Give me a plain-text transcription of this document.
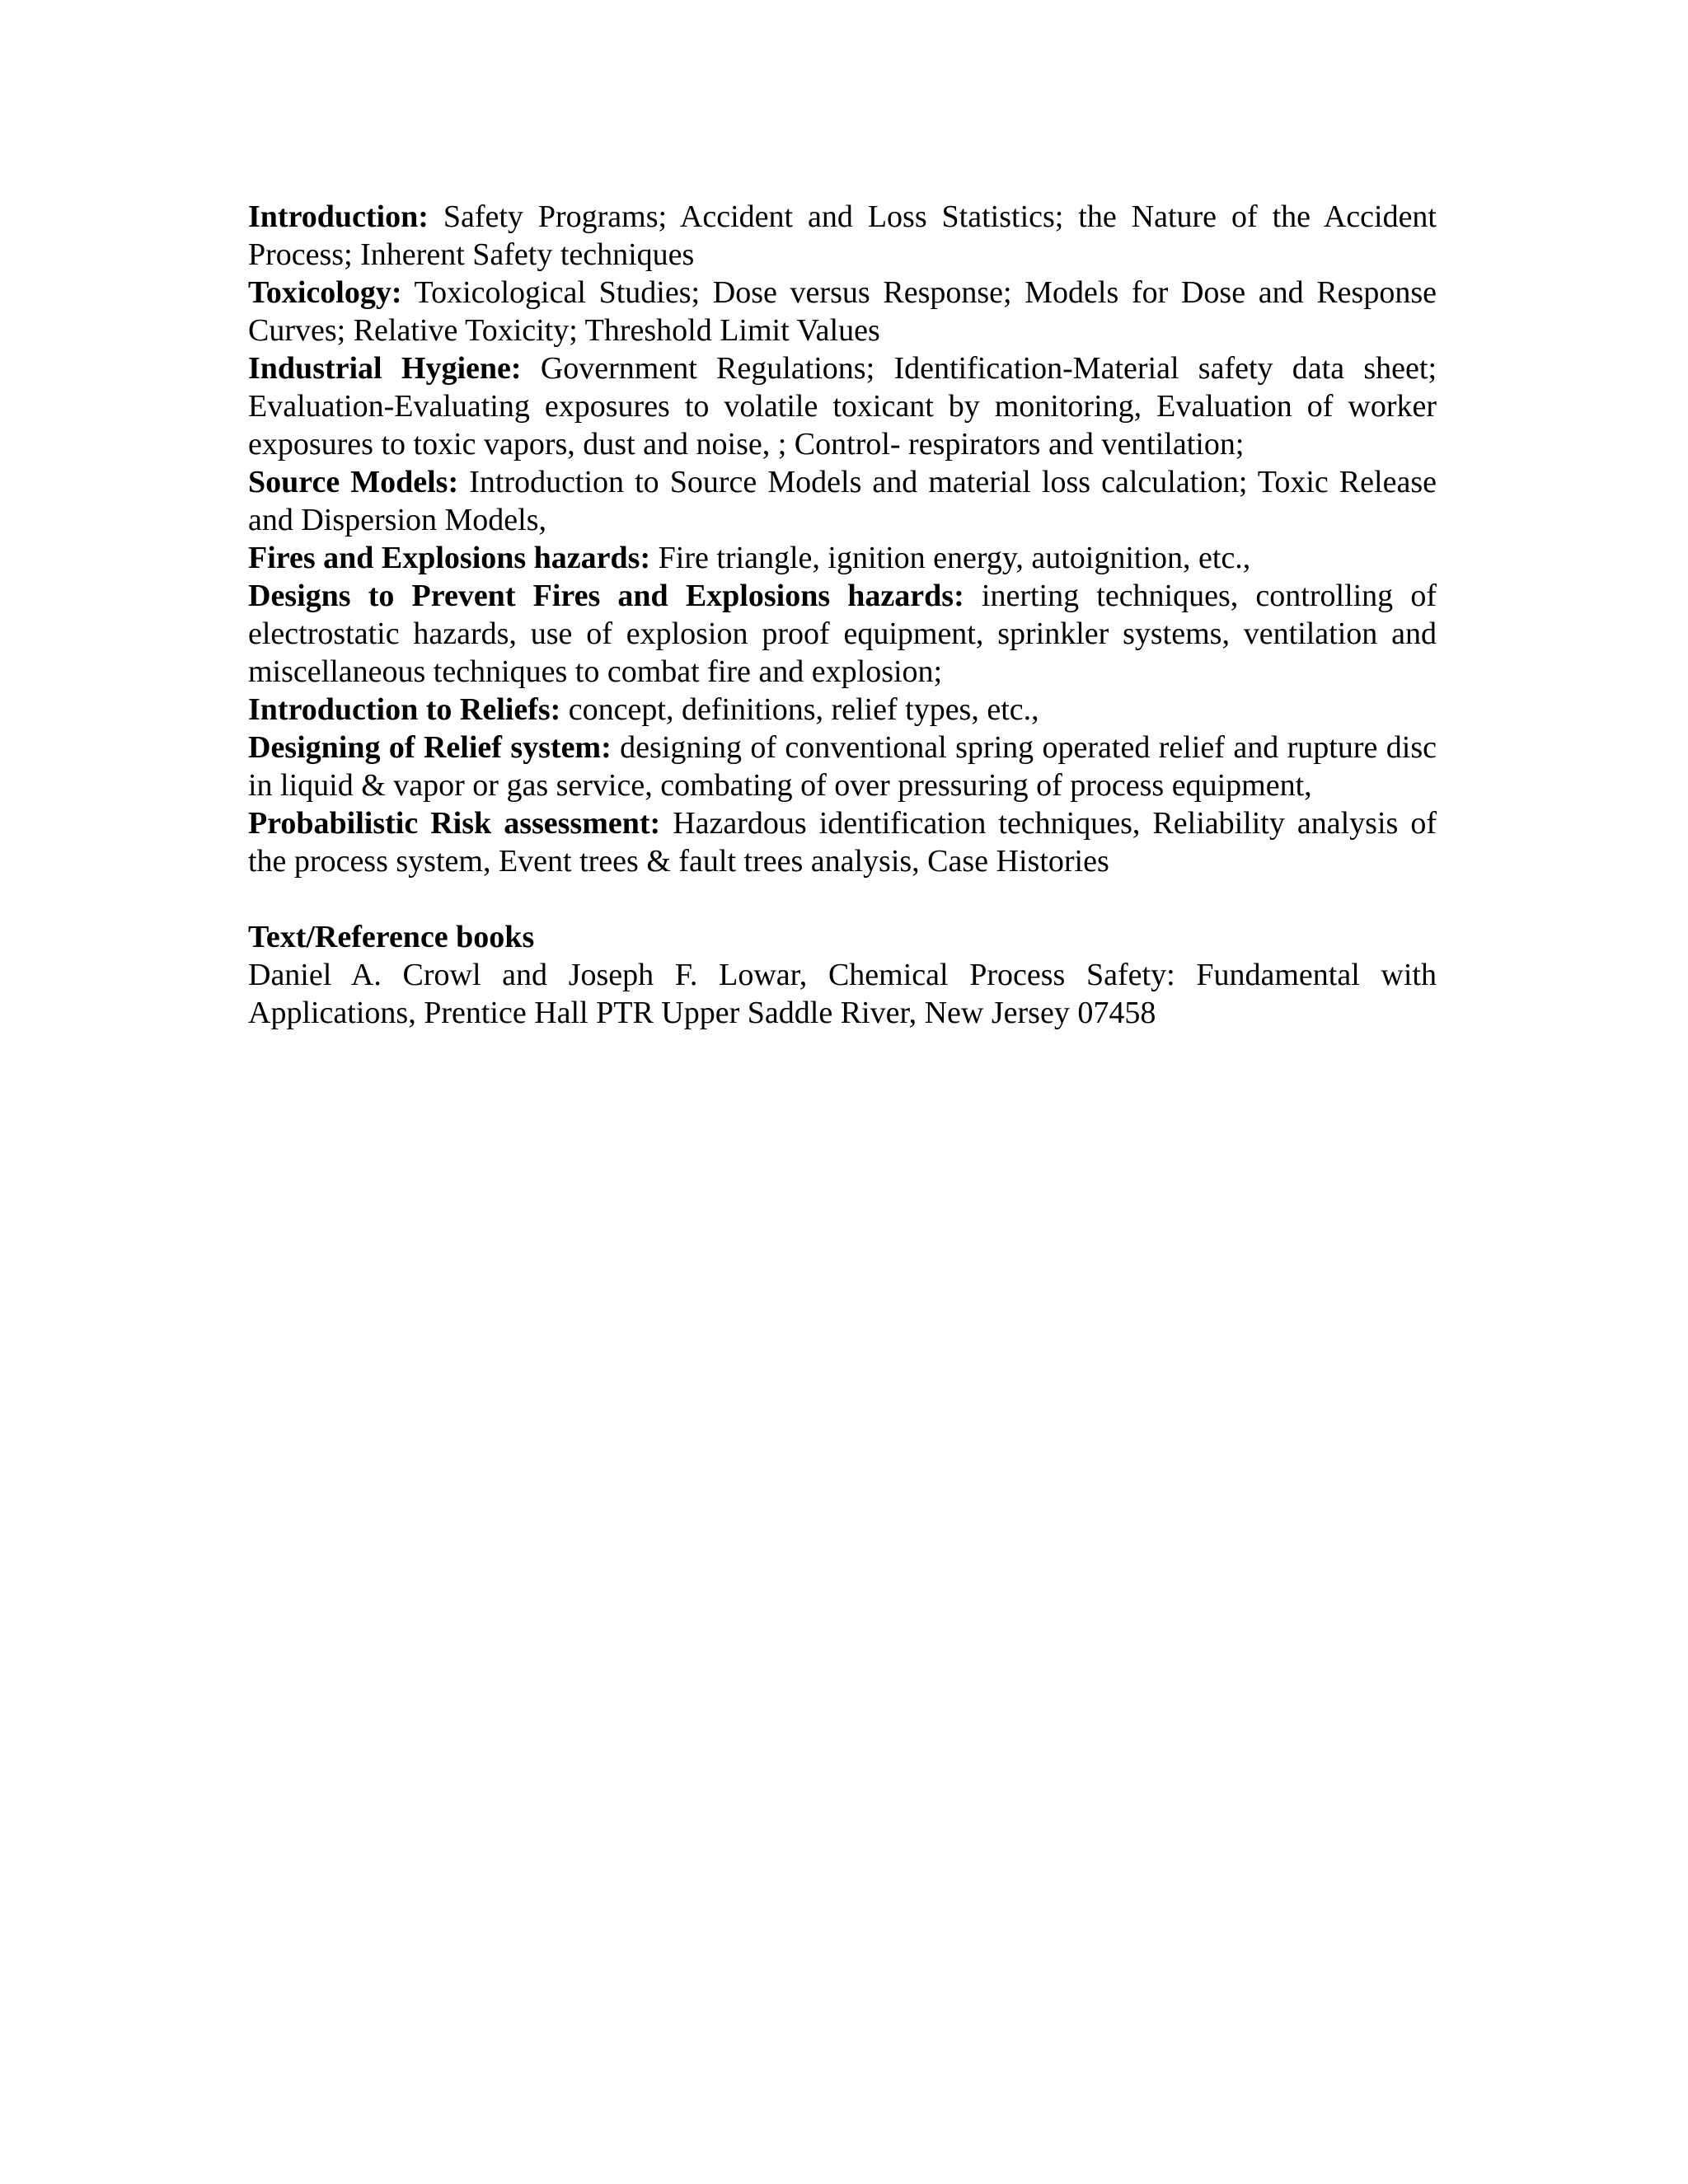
Introduction: Safety Programs; Accident and Loss Statistics; the Nature of the Accident Process; Inherent Safety techniques

Toxicology: Toxicological Studies; Dose versus Response; Models for Dose and Response Curves; Relative Toxicity; Threshold Limit Values

Industrial Hygiene: Government Regulations; Identification-Material safety data sheet; Evaluation-Evaluating exposures to volatile toxicant by monitoring, Evaluation of worker exposures to toxic vapors, dust and noise, ; Control- respirators and ventilation;

Source Models: Introduction to Source Models and material loss calculation; Toxic Release and Dispersion Models,

Fires and Explosions hazards: Fire triangle, ignition energy, autoignition, etc.,

Designs to Prevent Fires and Explosions hazards: inerting techniques, controlling of electrostatic hazards, use of explosion proof equipment, sprinkler systems, ventilation and miscellaneous techniques to combat fire and explosion;

Introduction to Reliefs: concept, definitions, relief types, etc.,

Designing of Relief system: designing of conventional spring operated relief and rupture disc in liquid & vapor or gas service, combating of over pressuring of process equipment,

Probabilistic Risk assessment: Hazardous identification techniques, Reliability analysis of the process system, Event trees & fault trees analysis, Case Histories

Text/Reference books

Daniel A. Crowl and Joseph F. Lowar, Chemical Process Safety: Fundamental with Applications, Prentice Hall PTR Upper Saddle River, New Jersey 07458
